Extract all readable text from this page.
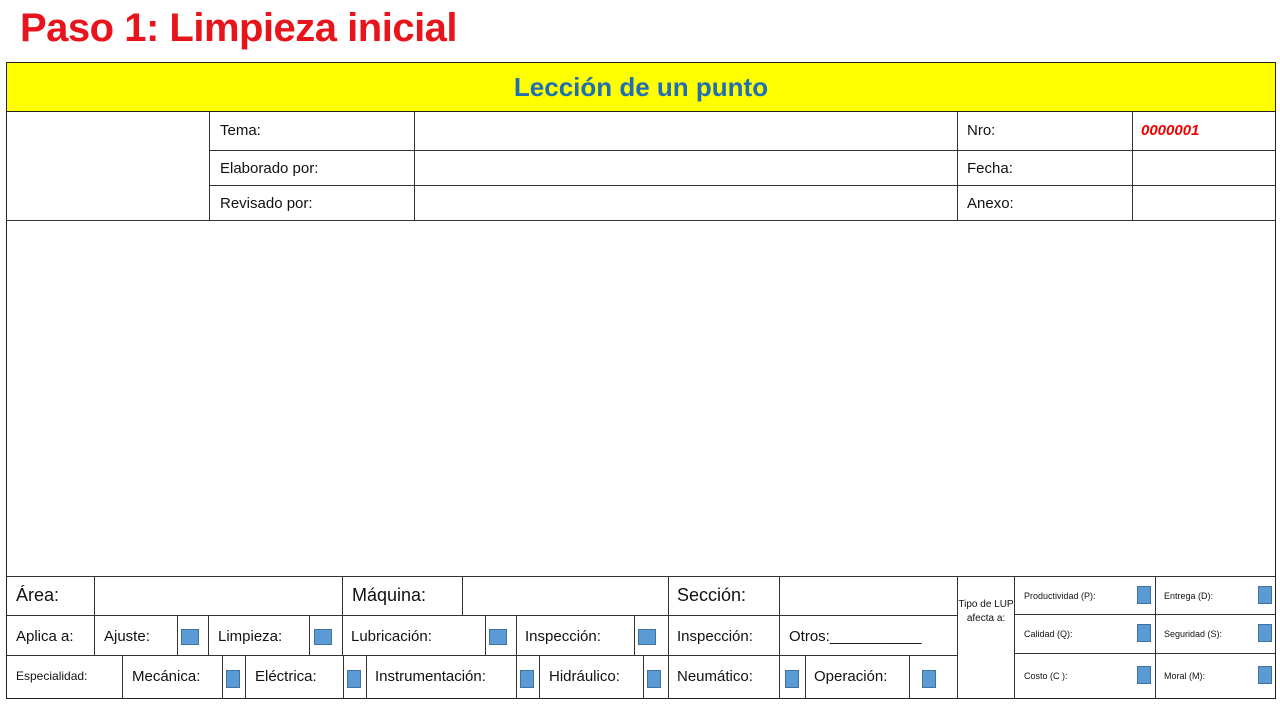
Paso 1: Limpieza inicial
Lección de un punto
Tema:	Nro:	0000001
Elaborado por:	Fecha:
Revisado por:	Anexo:
Área:	Máquina:	Sección:
Aplica a: Ajuste:	Limpieza:	Lubricación:	Inspección:	Inspección: Otros:___________
Especialidad:	Mecánica:	Eléctrica:	Instrumentación:	Hidráulico:	Neumático:	Operación:
Tipo de LUP afecta a:
Productividad (P):	Entrega (D):
Calidad (Q):	Seguridad (S):
Costo (C ):	Moral (M):
